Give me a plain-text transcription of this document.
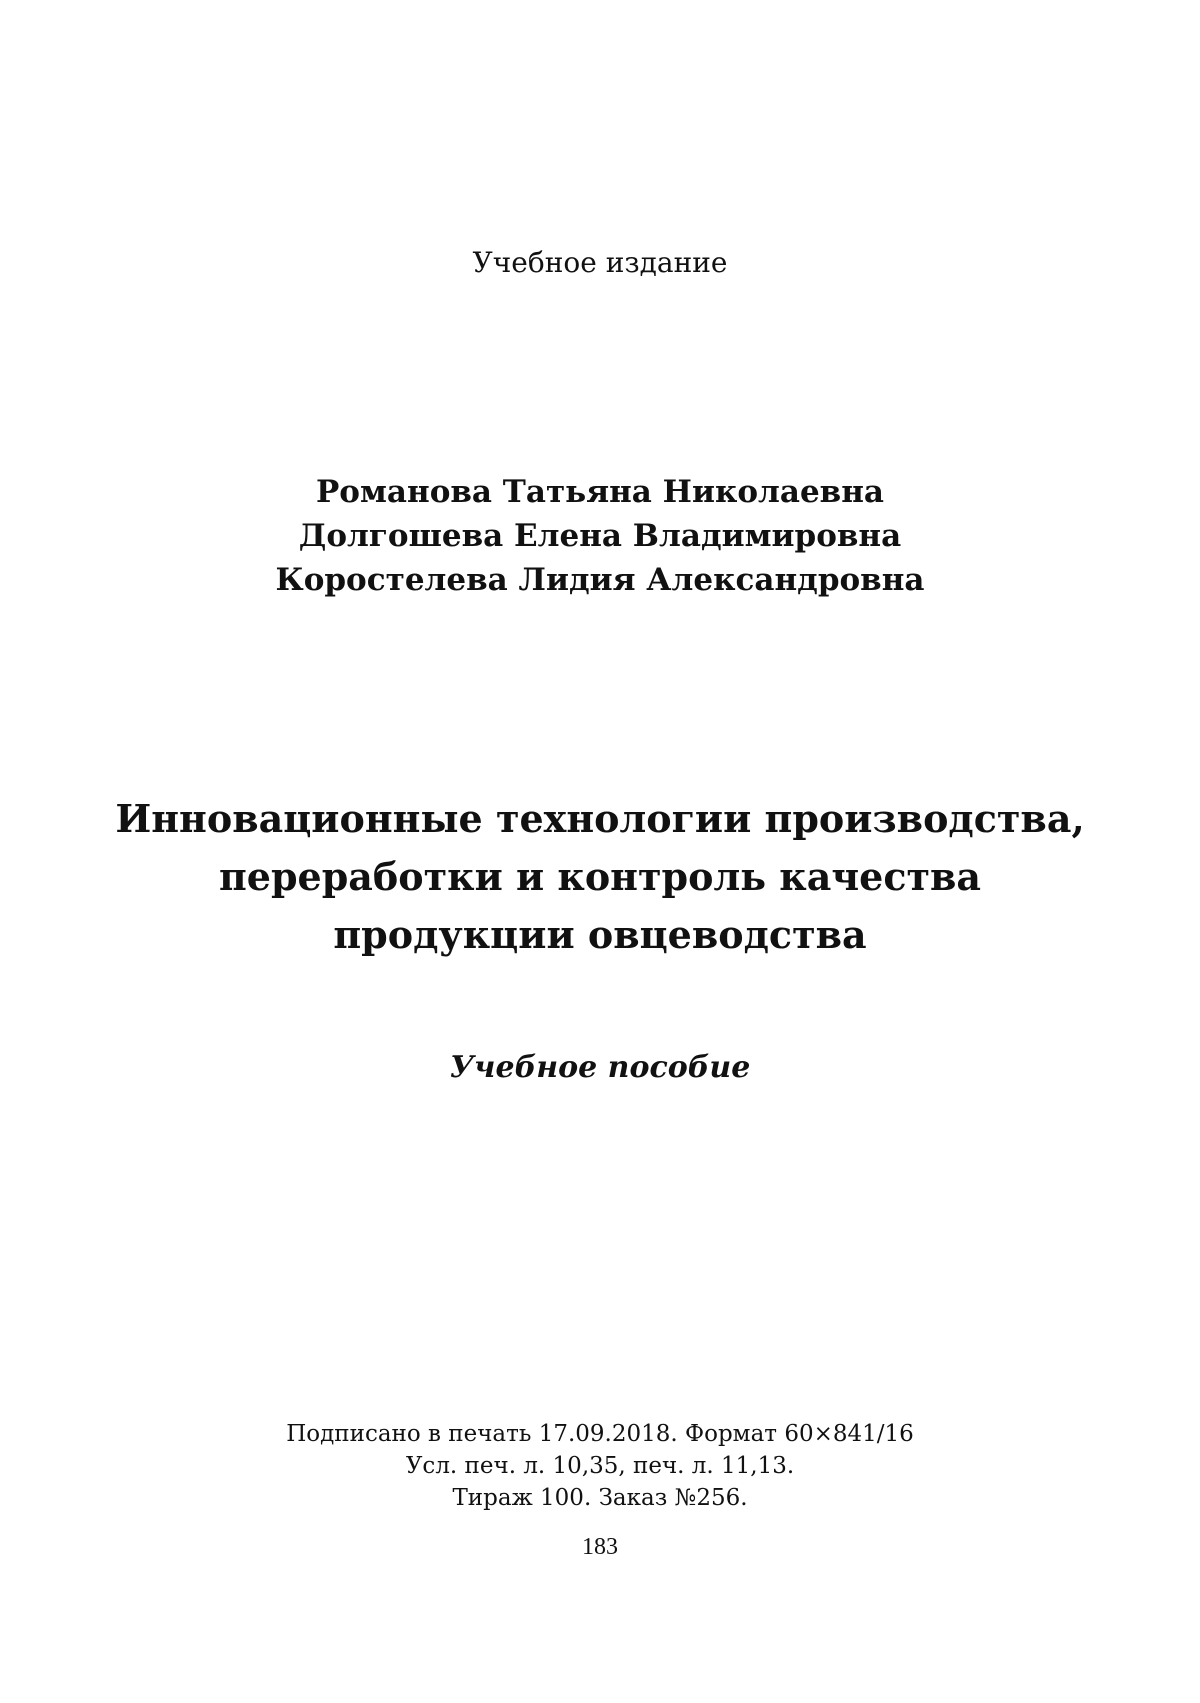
Учебное издание
Романова Татьяна Николаевна
Долгошева Елена Владимировна
Коростелева Лидия Александровна
Инновационные технологии производства,
переработки и контроль качества
продукции овцеводства
Учебное пособие
Подписано в печать 17.09.2018. Формат 60×841/16
Усл. печ. л. 10,35, печ. л. 11,13.
Тираж 100. Заказ №256.
183
